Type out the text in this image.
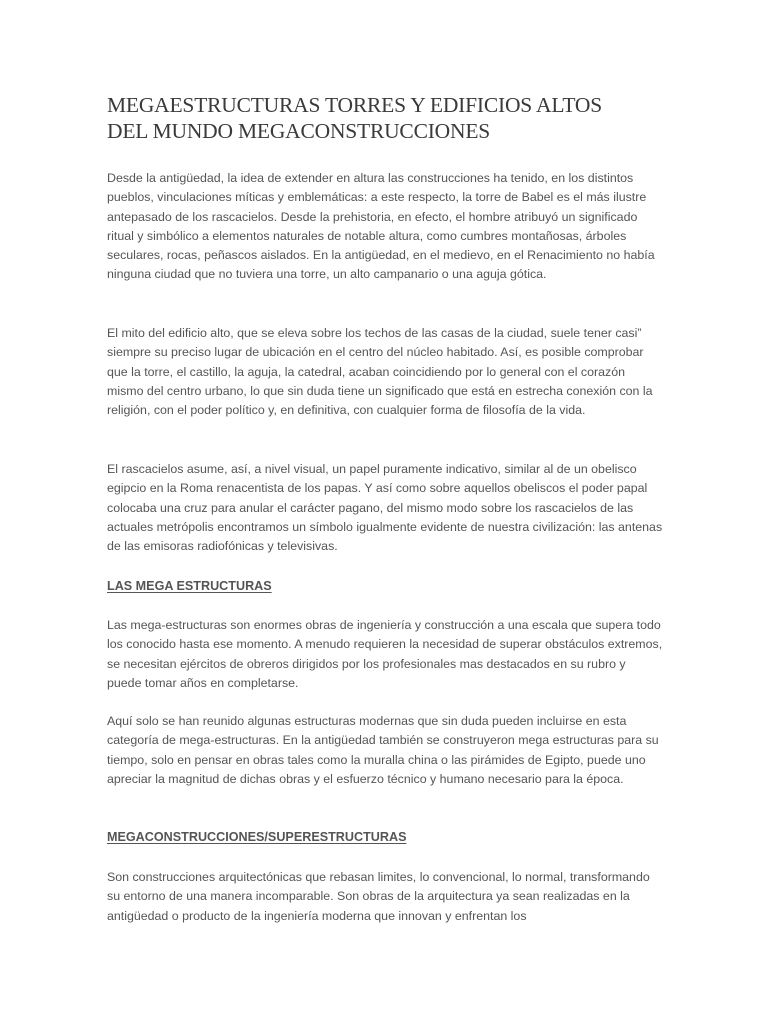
MEGAESTRUCTURAS TORRES Y EDIFICIOS ALTOS
DEL MUNDO MEGACONSTRUCCIONES

Desde la antigüedad, la idea de extender en altura las construcciones ha tenido, en los distintos pueblos, vinculaciones míticas y emblemáticas: a este respecto, la torre de Babel es el más ilustre antepasado de los rascacielos. Desde la prehistoria, en efecto, el hombre atribuyó un significado ritual y simbólico a elementos naturales de notable altura, como cumbres montañosas, árboles seculares, rocas, peñascos aislados. En la antigüedad, en el medievo, en el Renacimiento no había ninguna ciudad que no tuviera una torre, un alto campanario o una aguja gótica.

El mito del edificio alto, que se eleva sobre los techos de las casas de la ciudad, suele tener casi” siempre su preciso lugar de ubicación en el centro del núcleo habitado. Así, es posible comprobar que la torre, el castillo, la aguja, la catedral, acaban coincidiendo por lo general con el corazón mismo del centro urbano, lo que sin duda tiene un significado que está en estrecha conexión con la religión, con el poder político y, en definitiva, con cualquier forma de filosofía de la vida.

El rascacielos asume, así, a nivel visual, un papel puramente indicativo, similar al de un obelisco egipcio en la Roma renacentista de los papas. Y así como sobre aquellos obeliscos el poder papal colocaba una cruz para anular el carácter pagano, del mismo modo sobre los rascacielos de las actuales metrópolis encontramos un símbolo igualmente evidente de nuestra civilización: las antenas de las emisoras radiofónicas y televisivas.

LAS MEGA ESTRUCTURAS

Las mega-estructuras son enormes obras de ingeniería y construcción a una escala que supera todo los conocido hasta ese momento. A menudo requieren la necesidad de superar obstáculos extremos, se necesitan ejércitos de obreros dirigidos por los profesionales mas destacados en su rubro y puede tomar años en completarse.

Aquí solo se han reunido algunas estructuras modernas que sin duda pueden incluirse en esta categoría de mega-estructuras. En la antigüedad también se construyeron mega estructuras para su tiempo, solo en pensar en obras tales como la muralla china o las pirámides de Egipto, puede uno apreciar la magnitud de dichas obras y el esfuerzo técnico y humano necesario para la época.

MEGACONSTRUCCIONES/SUPERESTRUCTURAS

Son construcciones arquitectónicas que rebasan limites, lo convencional, lo normal, transformando su entorno de una manera incomparable. Son obras de la arquitectura ya sean realizadas en la antigüedad o producto de la ingeniería moderna que innovan y enfrentan los
